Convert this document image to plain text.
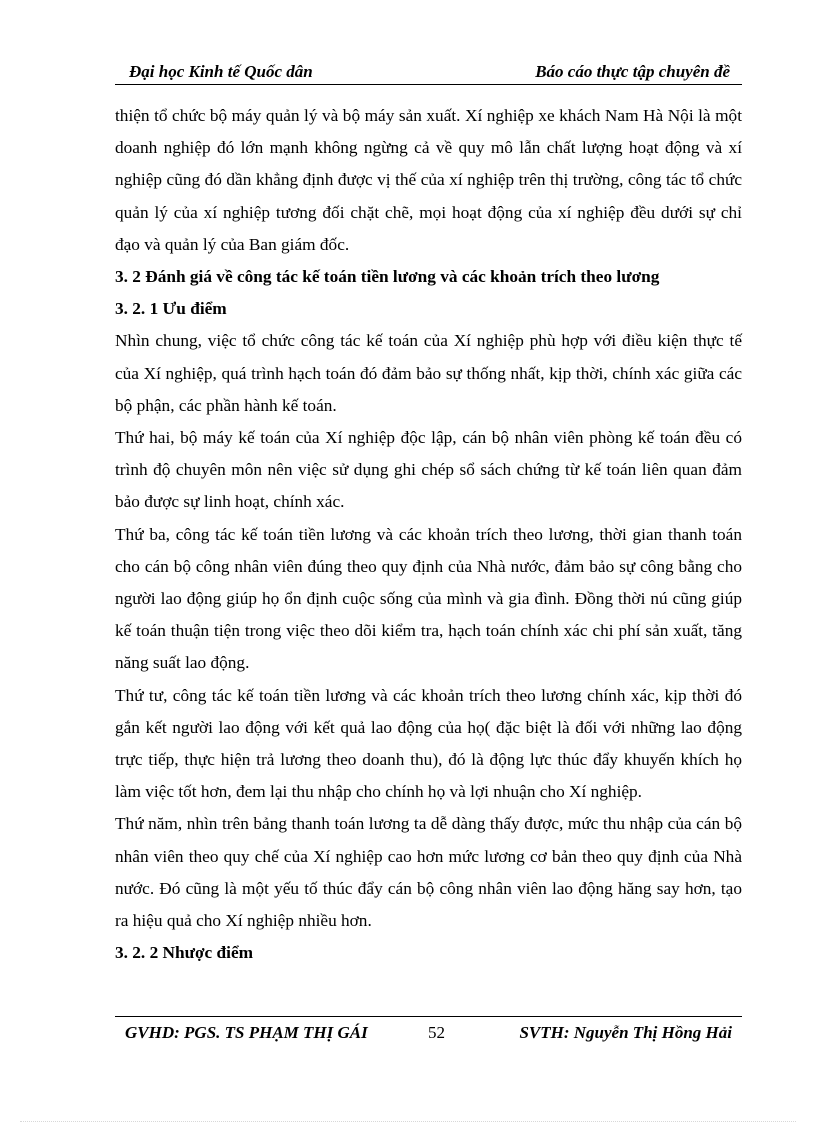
Đại học Kinh tế Quốc dân	Báo cáo thực tập chuyên đề

thiện tổ chức bộ máy quản lý và bộ máy sản xuất. Xí nghiệp xe khách Nam Hà Nội là một doanh nghiệp đó lớn mạnh không ngừng cả về quy mô lẫn chất lượng hoạt động và xí nghiệp cũng đó dần khẳng định được vị thế của xí nghiệp trên thị trường, công tác tổ chức quản lý của xí nghiệp tương đối chặt chẽ, mọi hoạt động của xí nghiệp đều dưới sự chỉ đạo và quản lý của Ban giám đốc.

3. 2 Đánh giá về công tác kế toán tiền lương và các khoản trích theo lương

3. 2. 1 Ưu điểm

Nhìn chung, việc tổ chức công tác kế toán của Xí nghiệp phù hợp với điều kiện thực tế của Xí nghiệp, quá trình hạch toán đó đảm bảo sự thống nhất, kịp thời, chính xác giữa các bộ phận, các phần hành kế toán.

Thứ hai, bộ máy kế toán của Xí nghiệp độc lập, cán bộ nhân viên phòng kế toán đều có trình độ chuyên môn nên việc sử dụng ghi chép sổ sách chứng từ kế toán liên quan đảm bảo được sự linh hoạt, chính xác.

Thứ ba, công tác kế toán tiền lương và các khoản trích theo lương, thời gian thanh toán cho cán bộ công nhân viên đúng theo quy định của Nhà nước, đảm bảo sự công bằng cho người lao động giúp họ ổn định cuộc sống của mình và gia đình. Đồng thời nú cũng giúp kế toán thuận tiện trong việc theo dõi kiểm tra, hạch toán chính xác chi phí sản xuất, tăng năng suất lao động.

Thứ tư, công tác kế toán tiền lương và các khoản trích theo lương chính xác, kịp thời đó gắn kết người lao động với kết quả lao động của họ( đặc biệt là đối với những lao động trực tiếp, thực hiện trả lương theo doanh thu), đó là động lực thúc đẩy khuyến khích họ làm việc tốt hơn, đem lại thu nhập cho chính họ và lợi nhuận cho Xí nghiệp.

Thứ năm, nhìn trên bảng thanh toán lương ta dễ dàng thấy được, mức thu nhập của cán bộ nhân viên theo quy chế của Xí nghiệp cao hơn mức lương cơ bản theo quy định của Nhà nước. Đó cũng là một yếu tố thúc đẩy cán bộ công nhân viên lao động hăng say hơn, tạo ra hiệu quả cho Xí nghiệp nhiều hơn.

3. 2. 2 Nhược điểm

GVHD: PGS. TS PHẠM THỊ GÁI	52	SVTH: Nguyễn Thị Hồng Hải
